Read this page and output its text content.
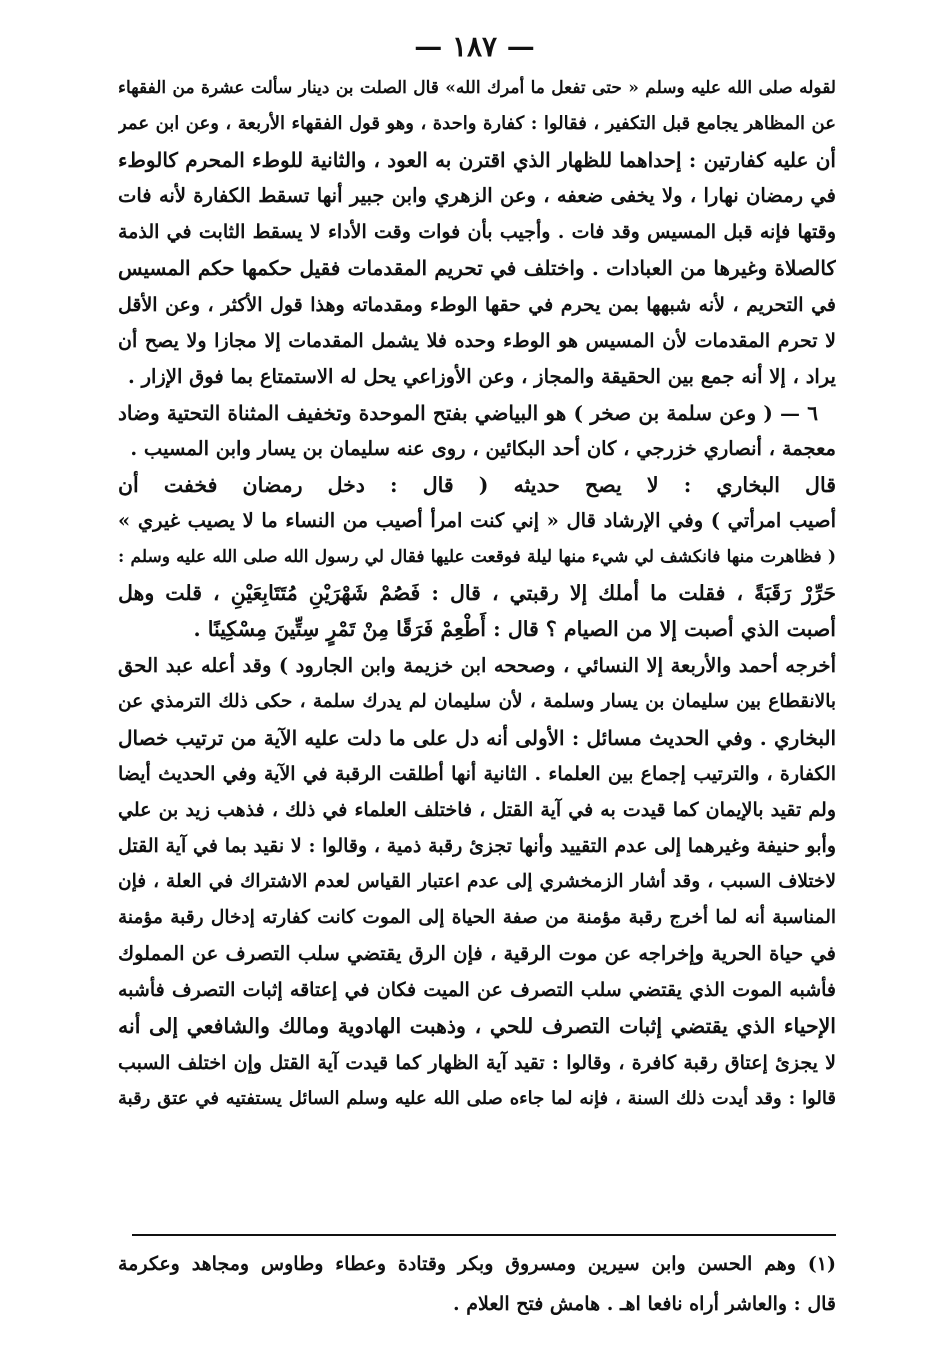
— ١٨٧ —
لقوله صلى الله عليه وسلم « حتى تفعل ما أمرك الله» قال الصلت بن دينار سألت عشرة من الفقهاء
عن المظاهر يجامع قبل التكفير ، فقالوا : كفارة واحدة ، وهو قول الفقهاء الأربعة ، وعن ابن عمر
أن عليه كفارتين : إحداهما للظهار الذي اقترن به العود ، والثانية للوطء المحرم كالوطء
في رمضان نهارا ، ولا يخفى ضعفه ، وعن الزهري وابن جبير أنها تسقط الكفارة لأنه فات
وقتها فإنه قبل المسيس وقد فات . وأجيب بأن فوات وقت الأداء لا يسقط الثابت في الذمة
كالصلاة وغيرها من العبادات . واختلف في تحريم المقدمات فقيل حكمها حكم المسيس
في التحريم ، لأنه شبهها بمن يحرم في حقها الوطء ومقدماته وهذا قول الأكثر ، وعن الأقل
لا تحرم المقدمات لأن المسيس هو الوطء وحده فلا يشمل المقدمات إلا مجازا ولا يصح أن
يراد ، إلا أنه جمع بين الحقيقة والمجاز ، وعن الأوزاعي يحل له الاستمتاع بما فوق الإزار .
٦ — ( وعن سلمة بن صخر ) هو البياضي بفتح الموحدة وتخفيف المثناة التحتية وضاد
معجمة ، أنصاري خزرجي ، كان أحد البكائين ، روى عنه سليمان بن يسار وابن المسيب .
قال البخاري : لا يصح حديثه ( قال : دخل رمضان فخفت أن
أصيب امرأتي ) وفي الإرشاد قال « إني كنت امرأ أصيب من النساء ما لا يصيب غيري »
( فظاهرت منها فانكشف لي شيء منها ليلة فوقعت عليها فقال لي رسول الله صلى الله عليه وسلم :
حَرِّرْ رَقَبَةً ، فقلت ما أملك إلا رقبتي ، قال : فَصُمْ شَهْرَيْنِ مُتَتَابِعَيْنِ ، قلت وهل
أصبت الذي أصبت إلا من الصيام ؟ قال : أَطْعِمْ فَرَقًا مِنْ تَمْرٍ سِتِّينَ مِسْكِينًا .
أخرجه أحمد والأربعة إلا النسائي ، وصححه ابن خزيمة وابن الجارود ) وقد أعله عبد الحق
بالانقطاع بين سليمان بن يسار وسلمة ، لأن سليمان لم يدرك سلمة ، حكى ذلك الترمذي عن
البخاري . وفي الحديث مسائل : الأولى أنه دل على ما دلت عليه الآية من ترتيب خصال
الكفارة ، والترتيب إجماع بين العلماء . الثانية أنها أطلقت الرقبة في الآية وفي الحديث أيضا
ولم تقيد بالإيمان كما قيدت به في آية القتل ، فاختلف العلماء في ذلك ، فذهب زيد بن علي
وأبو حنيفة وغيرهما إلى عدم التقييد وأنها تجزئ رقبة ذمية ، وقالوا : لا نقيد بما في آية القتل
لاختلاف السبب ، وقد أشار الزمخشري إلى عدم اعتبار القياس لعدم الاشتراك في العلة ، فإن
المناسبة أنه لما أخرج رقبة مؤمنة من صفة الحياة إلى الموت كانت كفارته إدخال رقبة مؤمنة
في حياة الحرية وإخراجه عن موت الرقية ، فإن الرق يقتضي سلب التصرف عن المملوك
فأشبه الموت الذي يقتضي سلب التصرف عن الميت فكان في إعتاقه إثبات التصرف فأشبه
الإحياء الذي يقتضي إثبات التصرف للحي ، وذهبت الهادوية ومالك والشافعي إلى أنه
لا يجزئ إعتاق رقبة كافرة ، وقالوا : تقيد آية الظهار كما قيدت آية القتل وإن اختلف السبب
قالوا : وقد أيدت ذلك السنة ، فإنه لما جاءه صلى الله عليه وسلم السائل يستفتيه في عتق رقبة
(١) وهم الحسن وابن سيرين ومسروق وبكر وقتادة وعطاء وطاوس ومجاهد وعكرمة
قال : والعاشر أراه نافعا اهـ . هامش فتح العلام .
